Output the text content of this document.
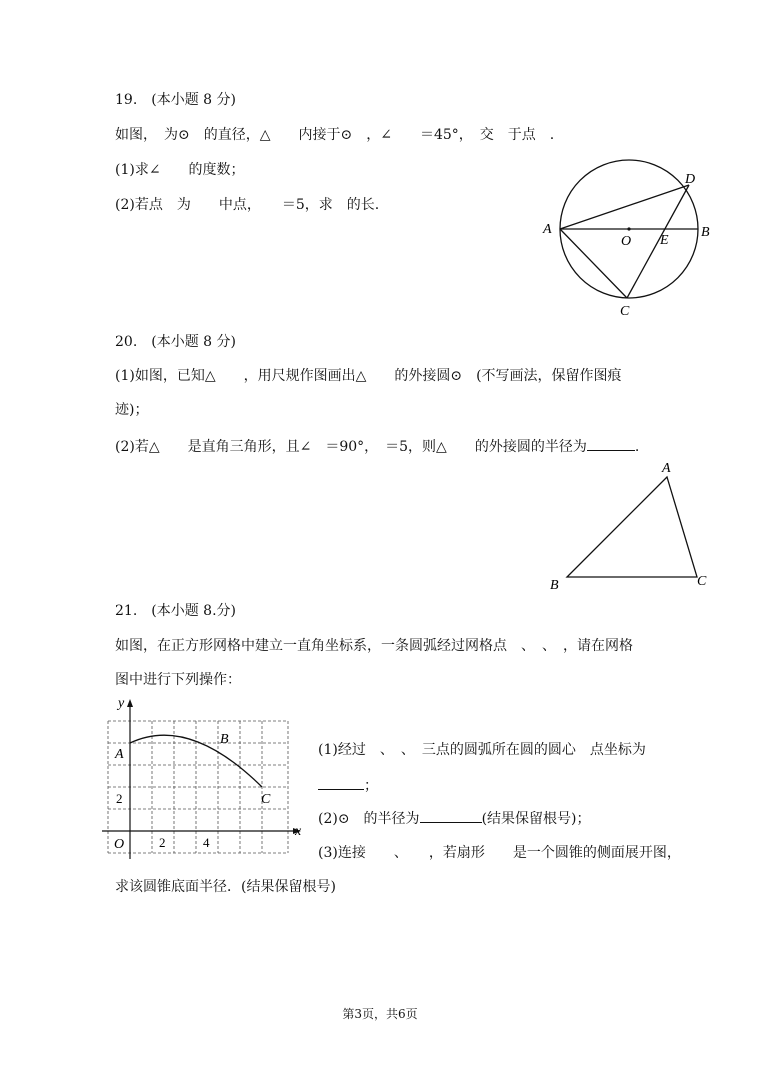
19.　(本小题 8 分)
如图，　为⊙　的直径，△　　内接于⊙　，∠　　＝45°，　交　于点　.
(1)求∠　　的度数；
(2)若点　为　　中点，　　＝5，求　的长.
A	B
C
D
O E
20.　(本小题 8 分)
(1)如图，已知△　　，用尺规作图画出△　　的外接圆⊙　(不写画法，保留作图痕
迹)；
(2)若△　　是直角三角形，且∠　＝90°，　＝5，则△　　的外接圆的半径为	.
A
B	C
21.　(本小题 8.分)
如图，在正方形网格中建立一直角坐标系，一条圆弧经过网格点　、　、　，请在网格
图中进行下列操作：
(1)经过　、　、　三点的圆弧所在圆的圆心　点坐标为
；
(2)⊙　的半径为	(结果保留根号)；
(3)连接　　、　　，若扇形　　是一个圆锥的侧面展开图，
求该圆锥底面半径．(结果保留根号)
y
x
A
B
C
O
2
2	4
第3页，共6页
